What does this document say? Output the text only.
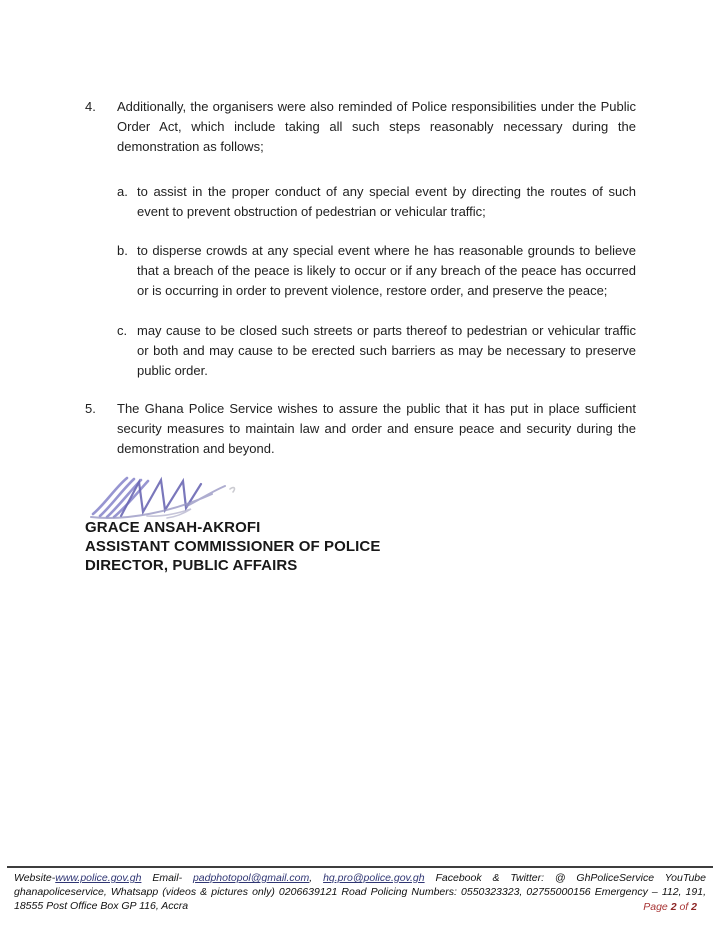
4.	Additionally, the organisers were also reminded of Police responsibilities under the Public Order Act, which include taking all such steps reasonably necessary during the demonstration as follows;

a. to assist in the proper conduct of any special event by directing the routes of such event to prevent obstruction of pedestrian or vehicular traffic;

b. to disperse crowds at any special event where he has reasonable grounds to believe that a breach of the peace is likely to occur or if any breach of the peace has occurred or is occurring in order to prevent violence, restore order, and preserve the peace;

c. may cause to be closed such streets or parts thereof to pedestrian or vehicular traffic or both and may cause to be erected such barriers as may be necessary to preserve public order.

5.	The Ghana Police Service wishes to assure the public that it has put in place sufficient security measures to maintain law and order and ensure peace and security during the demonstration and beyond.

GRACE ANSAH-AKROFI
ASSISTANT COMMISSIONER OF POLICE
DIRECTOR, PUBLIC AFFAIRS

Website-www.police.gov.gh Email- padphotopol@gmail.com, hq.pro@police.gov.gh Facebook & Twitter: @ GhPoliceService YouTube ghanapoliceservice, Whatsapp (videos & pictures only) 0206639121 Road Policing Numbers: 0550323323, 02755000156 Emergency – 112, 191, 18555 Post Office Box GP 116, Accra	Page 2 of 2
